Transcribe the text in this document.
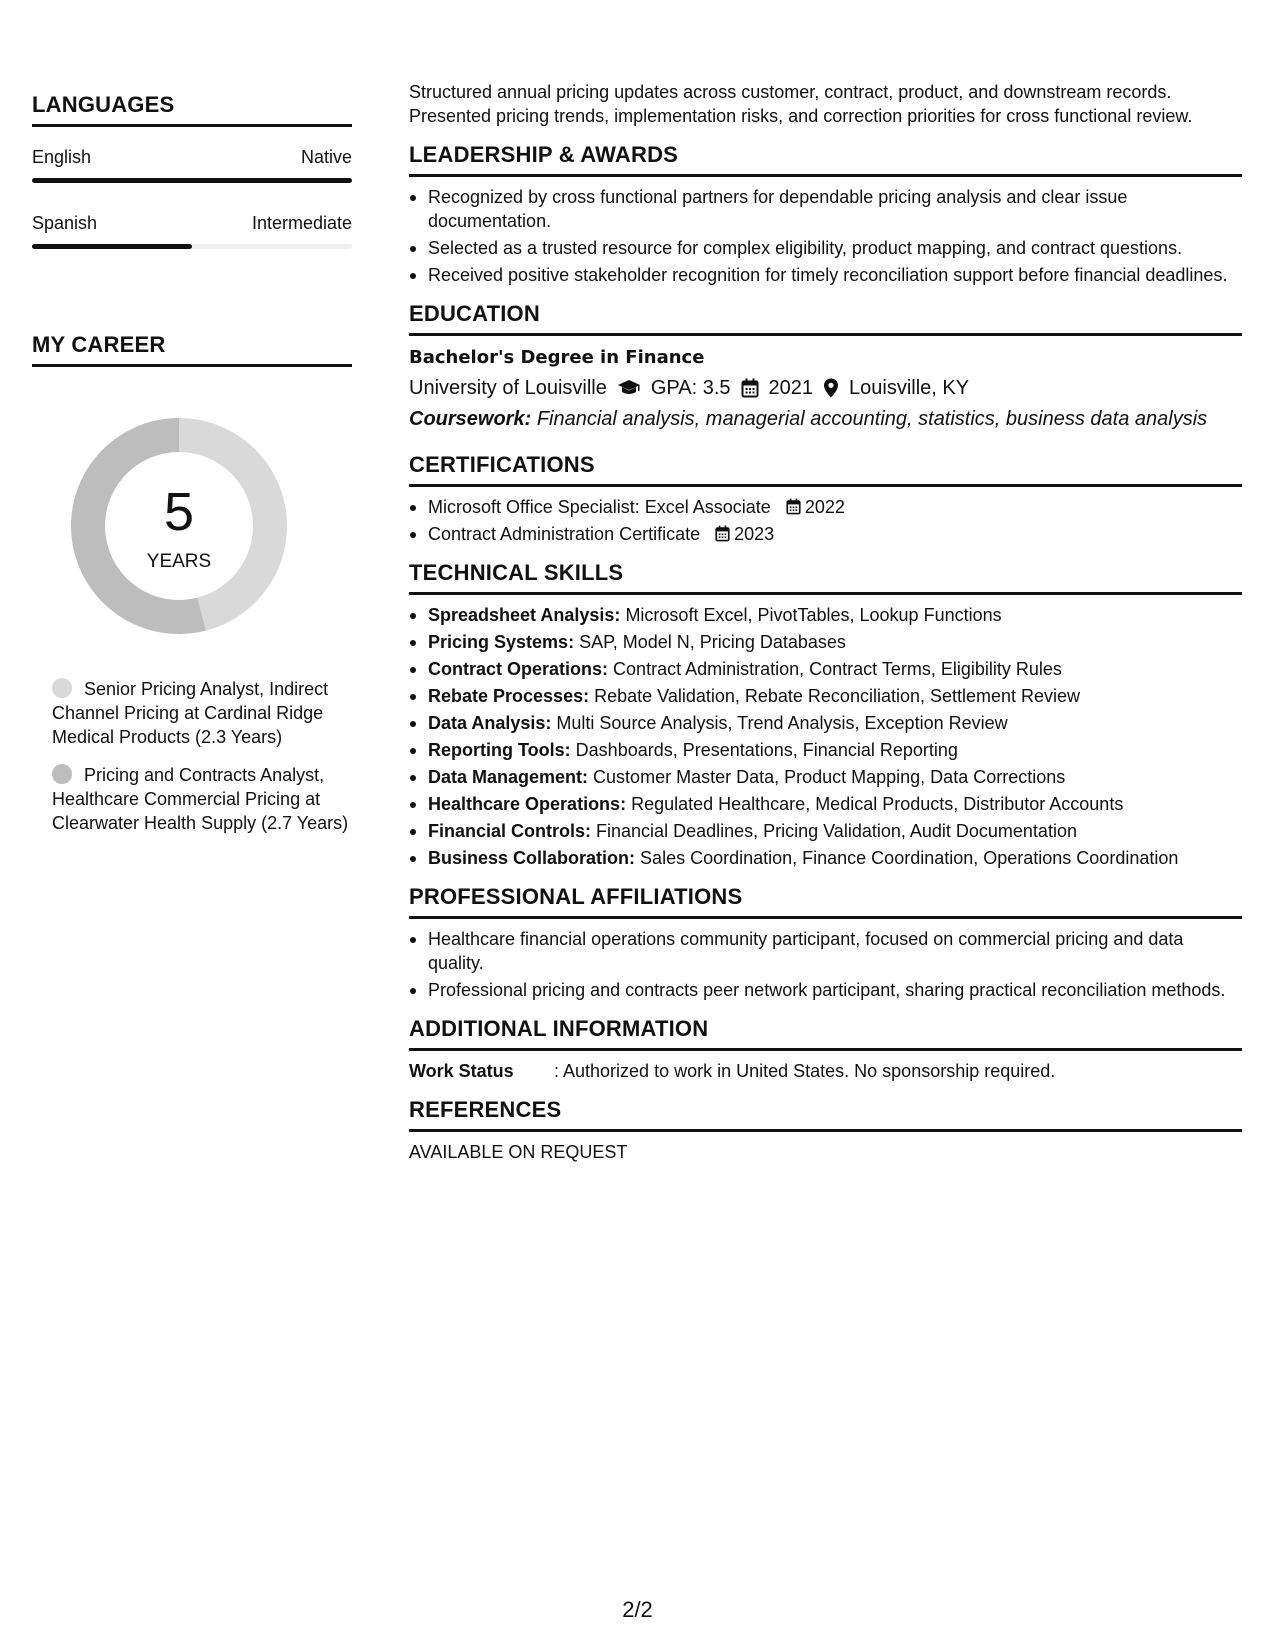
LANGUAGES
English	Native
Spanish	Intermediate
MY CAREER
5
YEARS
Senior Pricing Analyst, Indirect Channel Pricing at Cardinal Ridge Medical Products (2.3 Years)
Pricing and Contracts Analyst, Healthcare Commercial Pricing at Clearwater Health Supply (2.7 Years)

Structured annual pricing updates across customer, contract, product, and downstream records.

Presented pricing trends, implementation risks, and correction priorities for cross functional review.

LEADERSHIP & AWARDS
Recognized by cross functional partners for dependable pricing analysis and clear issue documentation.
Selected as a trusted resource for complex eligibility, product mapping, and contract questions.
Received positive stakeholder recognition for timely reconciliation support before financial deadlines.
EDUCATION
Bachelor's Degree in Finance
University of Louisville GPA: 3.5 2021 Louisville, KY
Coursework: Financial analysis, managerial accounting, statistics, business data analysis
CERTIFICATIONS
Microsoft Office Specialist: Excel Associate 2022
Contract Administration Certificate 2023
TECHNICAL SKILLS
Spreadsheet Analysis: Microsoft Excel, PivotTables, Lookup Functions
Pricing Systems: SAP, Model N, Pricing Databases
Contract Operations: Contract Administration, Contract Terms, Eligibility Rules
Rebate Processes: Rebate Validation, Rebate Reconciliation, Settlement Review
Data Analysis: Multi Source Analysis, Trend Analysis, Exception Review
Reporting Tools: Dashboards, Presentations, Financial Reporting
Data Management: Customer Master Data, Product Mapping, Data Corrections
Healthcare Operations: Regulated Healthcare, Medical Products, Distributor Accounts
Financial Controls: Financial Deadlines, Pricing Validation, Audit Documentation
Business Collaboration: Sales Coordination, Finance Coordination, Operations Coordination
PROFESSIONAL AFFILIATIONS
Healthcare financial operations community participant, focused on commercial pricing and data quality.
Professional pricing and contracts peer network participant, sharing practical reconciliation methods.
ADDITIONAL INFORMATION

Work Status : Authorized to work in United States. No sponsorship required.

REFERENCES

AVAILABLE ON REQUEST

2/2
